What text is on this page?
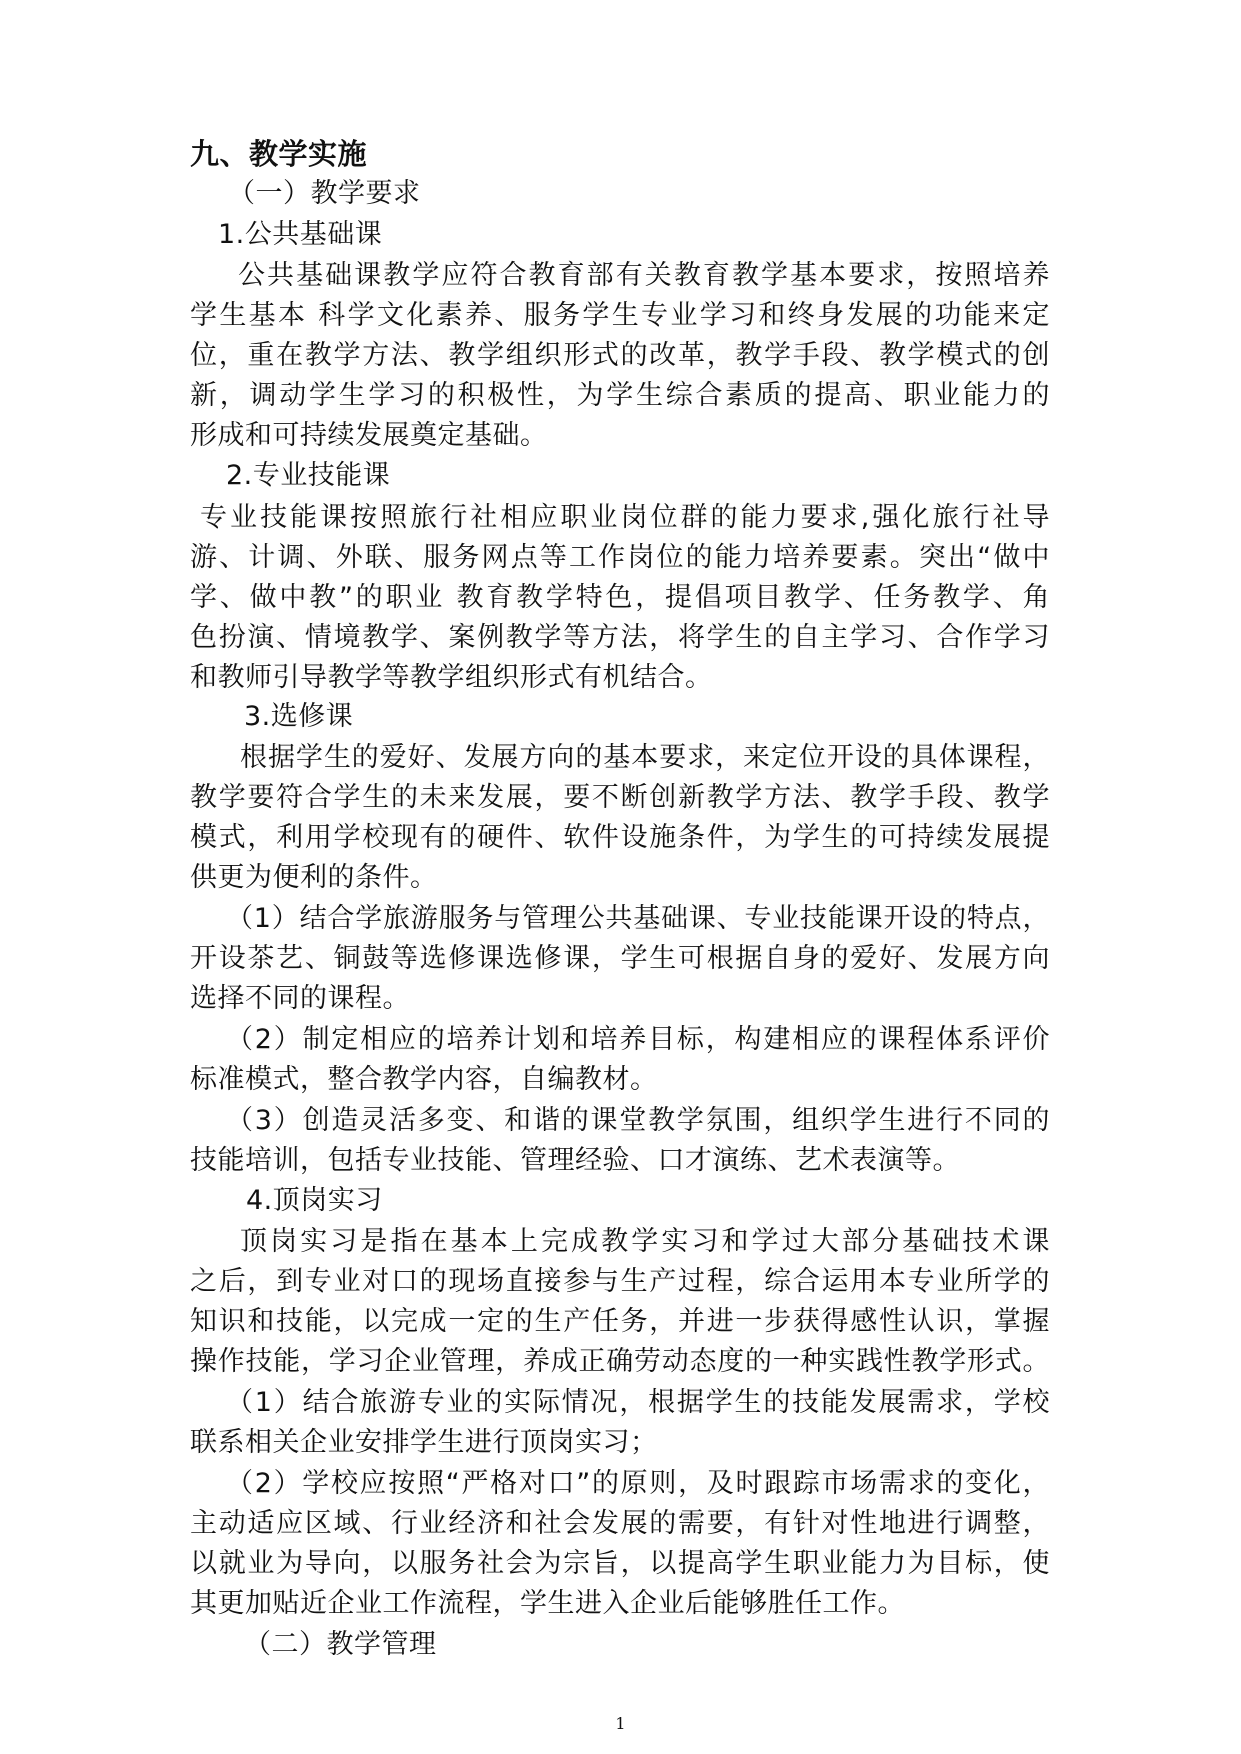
九、教学实施
（一）教学要求
1.公共基础课
公共基础课教学应符合教育部有关教育教学基本要求，按照培养
学生基本 科学文化素养、服务学生专业学习和终身发展的功能来定
位，重在教学方法、教学组织形式的改革，教学手段、教学模式的创
新，调动学生学习的积极性，为学生综合素质的提高、职业能力的
形成和可持续发展奠定基础。
2.专业技能课
专业技能课按照旅行社相应职业岗位群的能力要求,强化旅行社导
游、计调、外联、服务网点等工作岗位的能力培养要素。突出“做中
学、做中教”的职业 教育教学特色，提倡项目教学、任务教学、角
色扮演、情境教学、案例教学等方法，将学生的自主学习、合作学习
和教师引导教学等教学组织形式有机结合。
3.选修课
根据学生的爱好、发展方向的基本要求，来定位开设的具体课程，
教学要符合学生的未来发展，要不断创新教学方法、教学手段、教学
模式，利用学校现有的硬件、软件设施条件，为学生的可持续发展提
供更为便利的条件。
（1）结合学旅游服务与管理公共基础课、专业技能课开设的特点，
开设茶艺、铜鼓等选修课选修课，学生可根据自身的爱好、发展方向
选择不同的课程。
（2）制定相应的培养计划和培养目标，构建相应的课程体系评价
标准模式，整合教学内容，自编教材。
（3）创造灵活多变、和谐的课堂教学氛围，组织学生进行不同的
技能培训，包括专业技能、管理经验、口才演练、艺术表演等。
4.顶岗实习
顶岗实习是指在基本上完成教学实习和学过大部分基础技术课
之后，到专业对口的现场直接参与生产过程，综合运用本专业所学的
知识和技能，以完成一定的生产任务，并进一步获得感性认识，掌握
操作技能，学习企业管理，养成正确劳动态度的一种实践性教学形式。
（1）结合旅游专业的实际情况，根据学生的技能发展需求，学校
联系相关企业安排学生进行顶岗实习；
（2）学校应按照“严格对口”的原则，及时跟踪市场需求的变化，
主动适应区域、行业经济和社会发展的需要，有针对性地进行调整，
以就业为导向，以服务社会为宗旨，以提高学生职业能力为目标，使
其更加贴近企业工作流程，学生进入企业后能够胜任工作。
（二）教学管理
1
